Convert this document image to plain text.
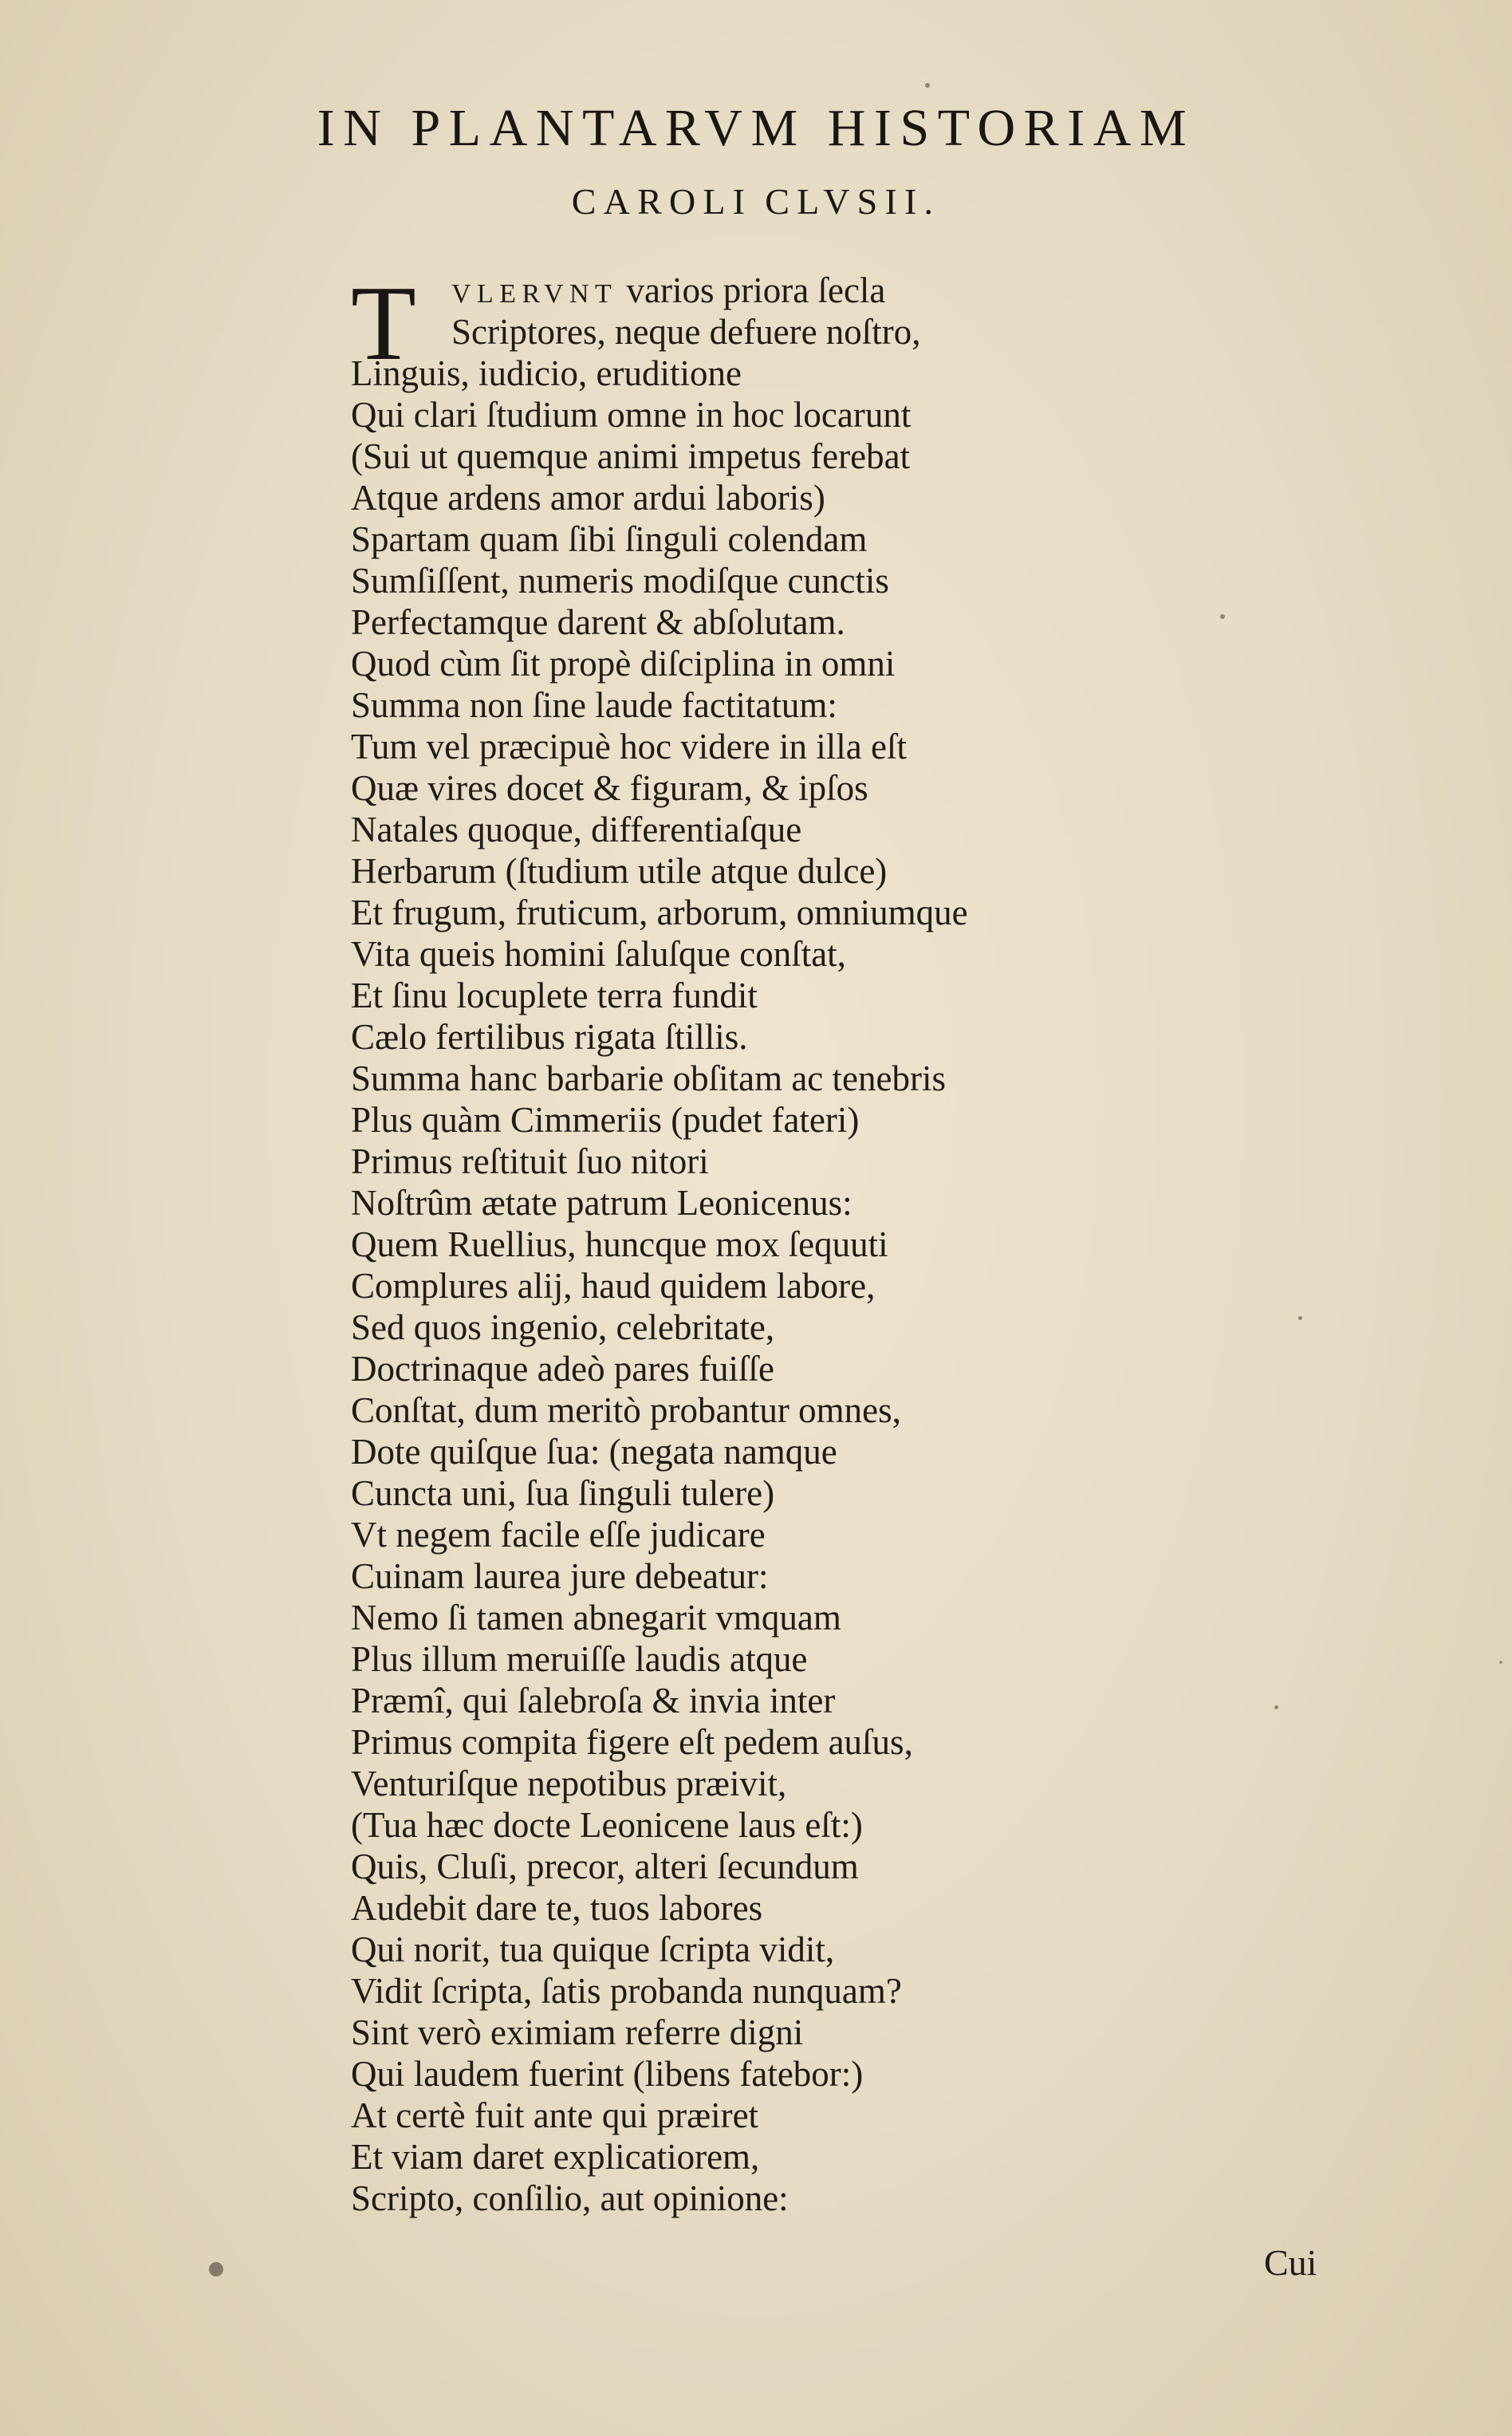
IN PLANTARVM HISTORIAM
CAROLI CLVSII.
T	VLERVNT varios priora ſecla
Scriptores, neque defuere noſtro,
Linguis, iudicio, eruditione
Qui clari ſtudium omne in hoc locarunt
(Sui ut quemque animi impetus ferebat
Atque ardens amor ardui laboris)
Spartam quam ſibi ſinguli colendam
Sumſiſſent, numeris modiſque cunctis
Perfectamque darent & abſolutam.
Quod cùm ſit propè diſciplina in omni
Summa non ſine laude factitatum:
Tum vel præcipuè hoc videre in illa eſt
Quæ vires docet & figuram, & ipſos
Natales quoque, differentiaſque
Herbarum (ſtudium utile atque dulce)
Et frugum, fruticum, arborum, omniumque
Vita queis homini ſaluſque conſtat,
Et ſinu locuplete terra fundit
Cælo fertilibus rigata ſtillis.
Summa hanc barbarie obſitam ac tenebris
Plus quàm Cimmeriis (pudet fateri)
Primus reſtituit ſuo nitori
Noſtrûm ætate patrum Leonicenus:
Quem Ruellius, huncque mox ſequuti
Complures alij, haud quidem labore,
Sed quos ingenio, celebritate,
Doctrinaque adeò pares fuiſſe
Conſtat, dum meritò probantur omnes,
Dote quiſque ſua: (negata namque
Cuncta uni, ſua ſinguli tulere)
Vt negem facile eſſe judicare
Cuinam laurea jure debeatur:
Nemo ſi tamen abnegarit vmquam
Plus illum meruiſſe laudis atque
Præmî, qui ſalebroſa & invia inter
Primus compita figere eſt pedem auſus,
Venturiſque nepotibus præivit,
(Tua hæc docte Leonicene laus eſt:)
Quis, Cluſi, precor, alteri ſecundum
Audebit dare te, tuos labores
Qui norit, tua quique ſcripta vidit,
Vidit ſcripta, ſatis probanda nunquam?
Sint verò eximiam referre digni
Qui laudem fuerint (libens fatebor:)
At certè fuit ante qui præiret
Et viam daret explicatiorem,
Scripto, conſilio, aut opinione:
Cui
